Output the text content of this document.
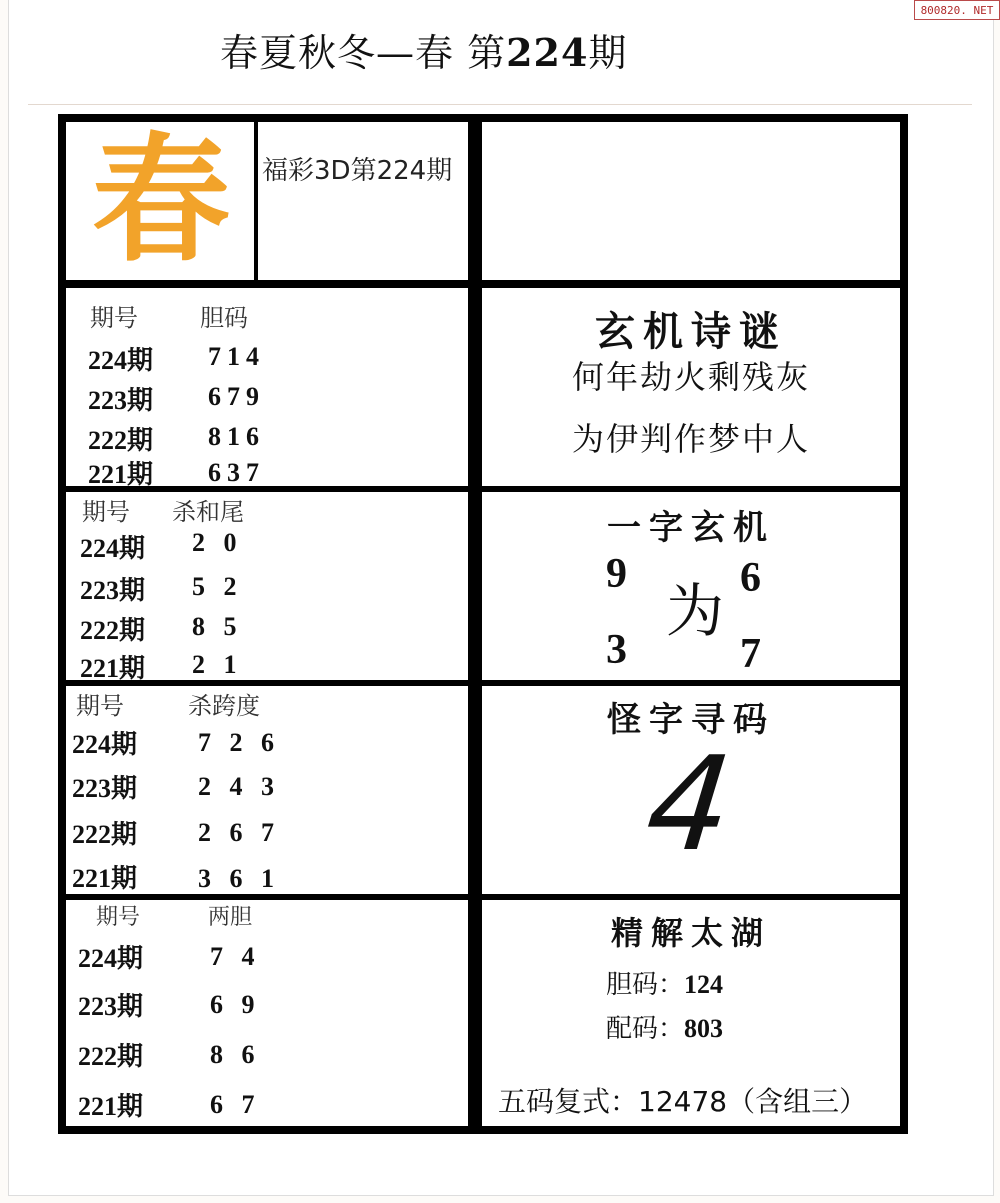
800820. NET
春夏秋冬—春 第224期
春 福彩3D第224期
期号	胆码
224期 714
223期 679
222期 816
221期 637
玄机诗谜
何年劫火剩残灰
为伊判作梦中人
期号 杀和尾
224期 2 0
223期 5 2
222期 8 5
221期 2 1
一字玄机
9	6
3	7
为
期号	杀跨度
224期 7 2 6
223期 2 4 3
222期 2 6 7
221期 3 6 1
怪字寻码
4
期号	两胆
224期	7 4
223期	6 9
222期	8 6
221期	6 7
精解太湖
胆码：124
配码：803
五码复式：12478（含组三）
